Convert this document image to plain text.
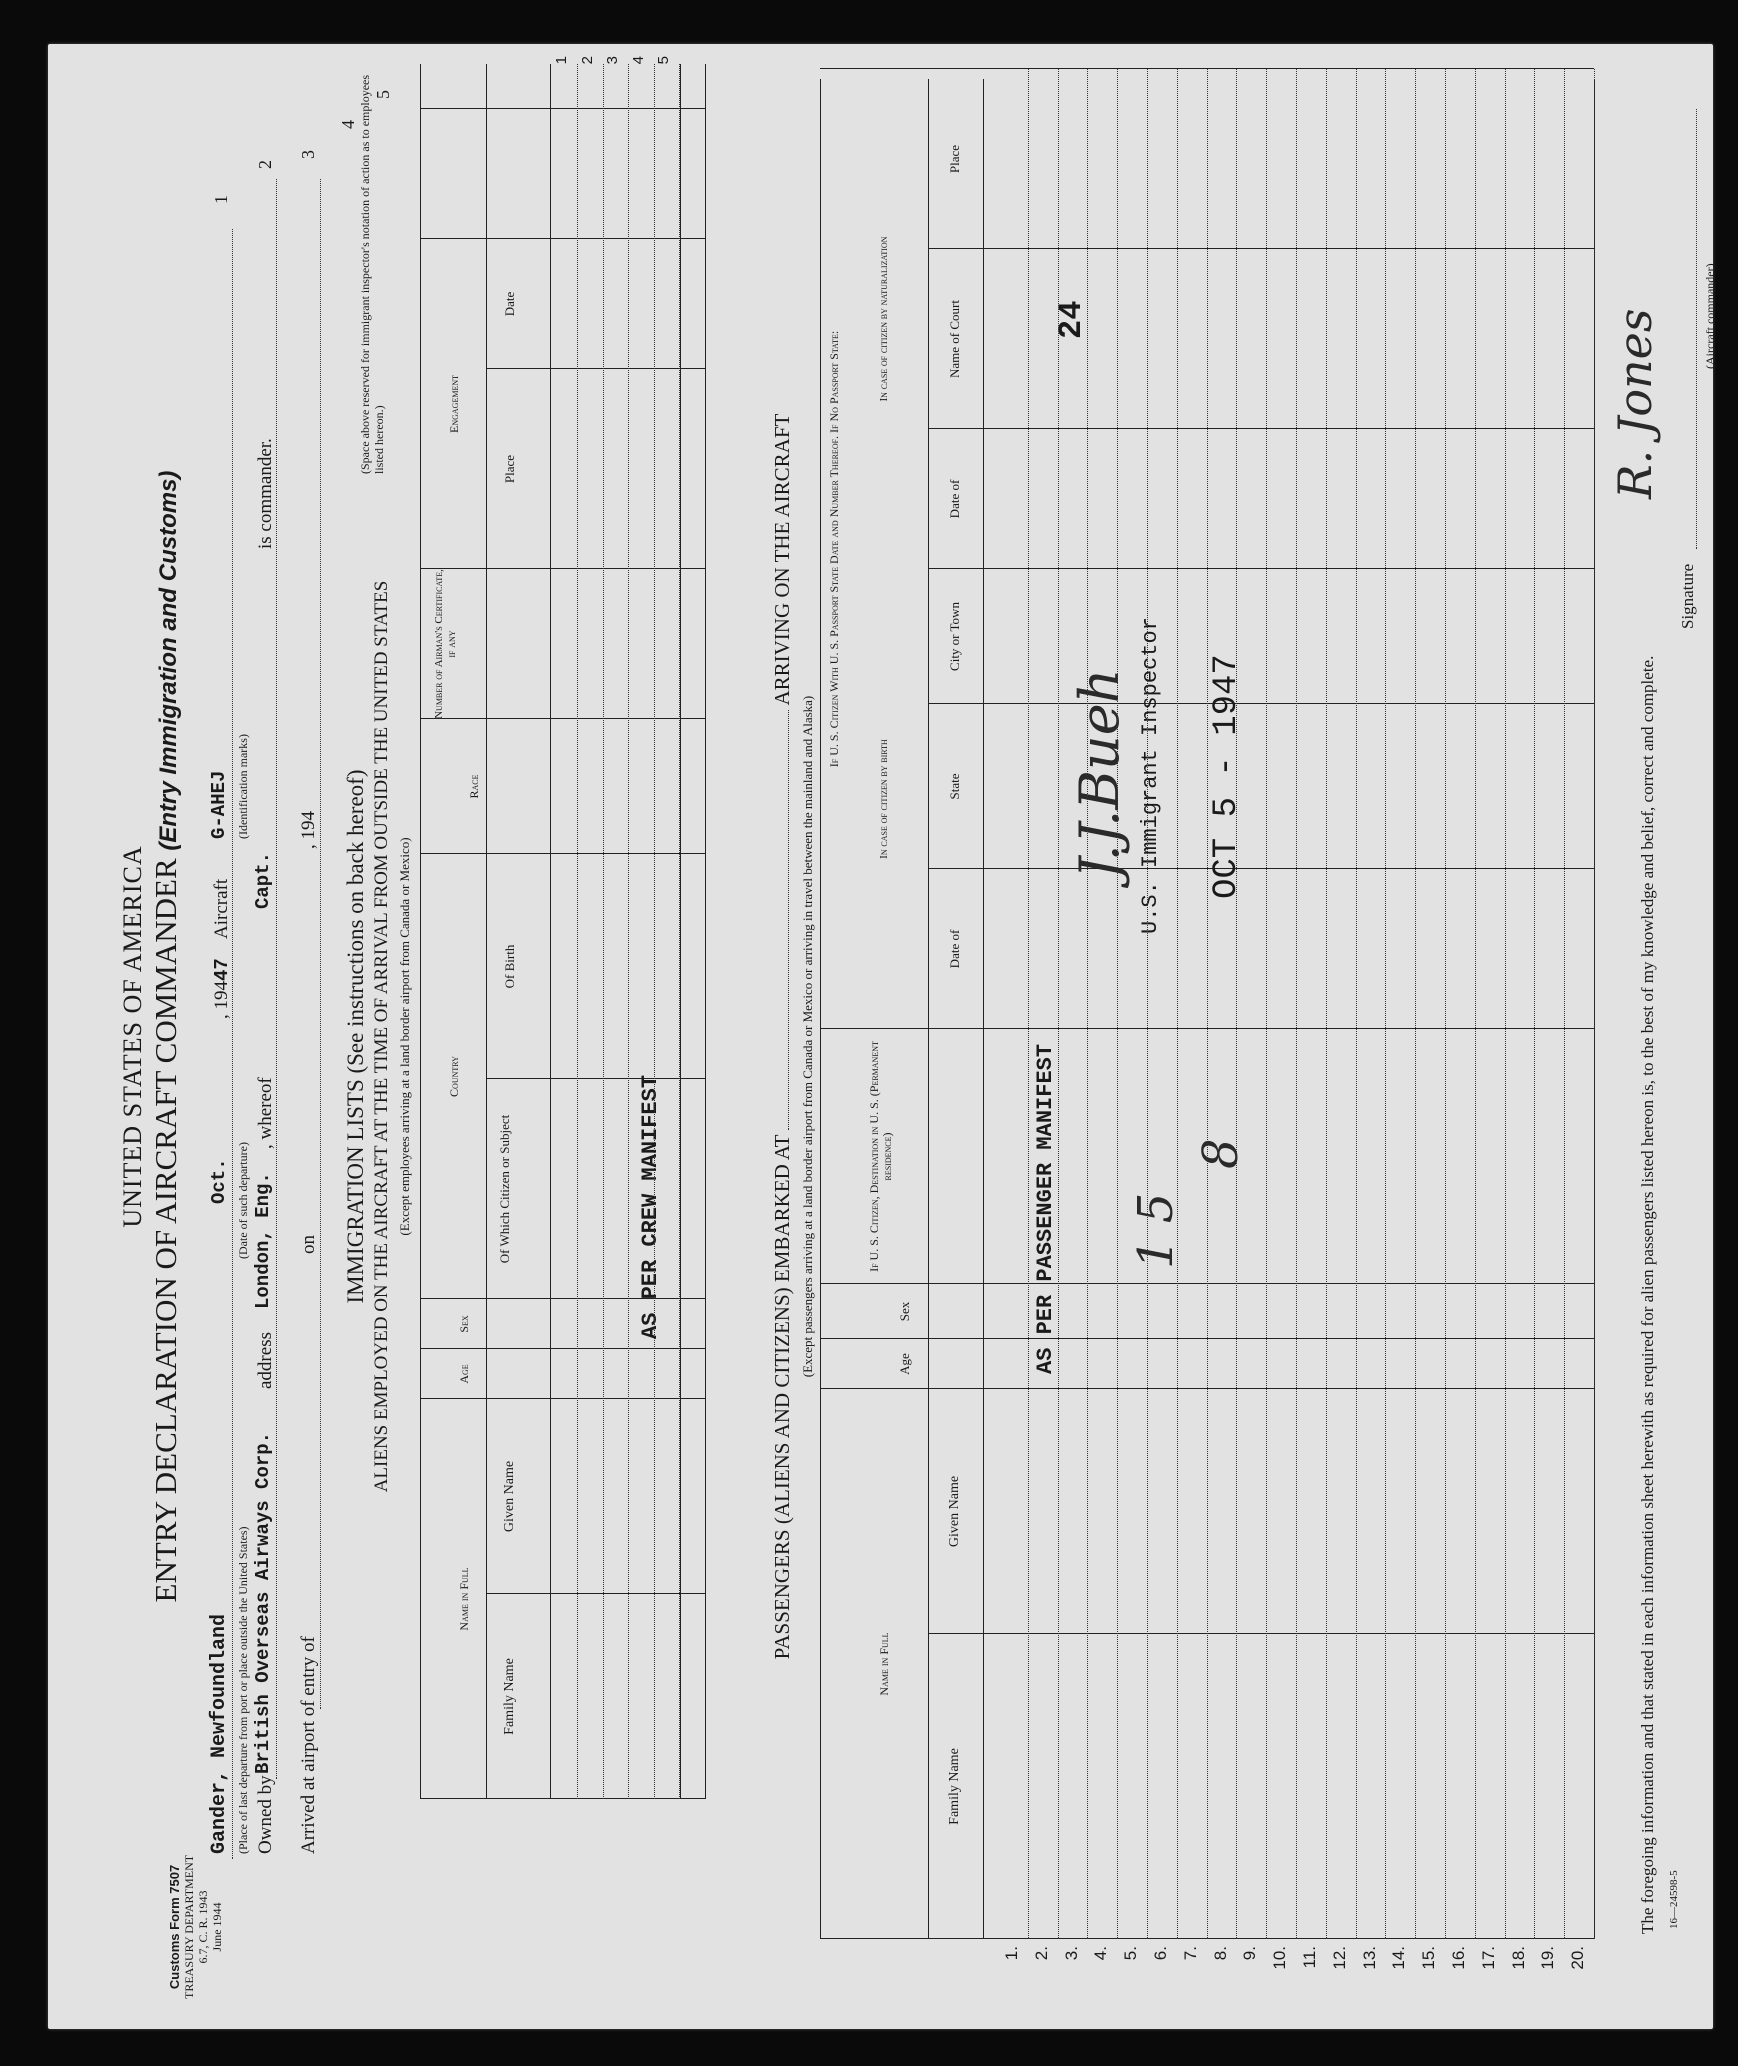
Customs Form 7507 TREASURY DEPARTMENT 6.7, C. R. 1943 June 1944
UNITED STATES OF AMERICA ENTRY DECLARATION OF AIRCRAFT COMMANDER (Entry Immigration and Customs)
Gander, Newfoundland
Oct.
, 19447
Aircraft
G-AHEJ
1
(Place of last departure from port or place outside the United States)
(Date of such departure)
(Identification marks)
Owned by
British Overseas Airways Corp.
address
London, Eng.
, whereof
Capt.
is commander.
2
Arrived at airport of entry of
on
, 194
3
4
5
IMMIGRATION LISTS (See instructions on back hereof) ALIENS EMPLOYED ON THE AIRCRAFT AT THE TIME OF ARRIVAL FROM OUTSIDE THE UNITED STATES (Except employees arriving at a land border airport from Canada or Mexico)
(Space above reserved for immigrant inspector's notation of action as to employees listed hereon.)
Name in Full
Family Name
Given Name
Age
Sex
Country
Of Which Citizen or Subject
Of Birth
Race
Number of Airman's Certificate, if any
Engagement
Place
Date
PASSENGERS (ALIENS AND CITIZENS) EMBARKED AT  ARRIVING ON THE AIRCRAFT
(Except passengers arriving at a land border airport from Canada or Mexico or arriving in travel between the mainland and Alaska)
Name in Full
Family Name
Given Name
Age
Sex
If U. S. Citizen, Destination in U. S. (Permanent residence)
If U. S. Citizen With U. S. Passport State Date and Number Thereof. If No Passport State:
In case of citizen by birth
In case of citizen by naturalization
Date of
State
City or Town
Date of
Name of Court
Place
AS PER CREW MANIFEST	AS PER PASSENGER MANIFEST
U.S. Immigrant Inspector OCT 5 - 1947
J.J.Bueh
1 5
8
24
The foregoing information and that stated in each information sheet herewith as required for alien passengers listed hereon is, to the best of my knowledge and belief, correct and complete. 16—24598-5
Signature
(Aircraft commander)
R. Jones
1. 2. 3. 4. 5. 6. 7. 8. 9. 10. 11. 12. 13. 14. 15. 16. 17. 18. 19. 20.
1 2 3 4 5
